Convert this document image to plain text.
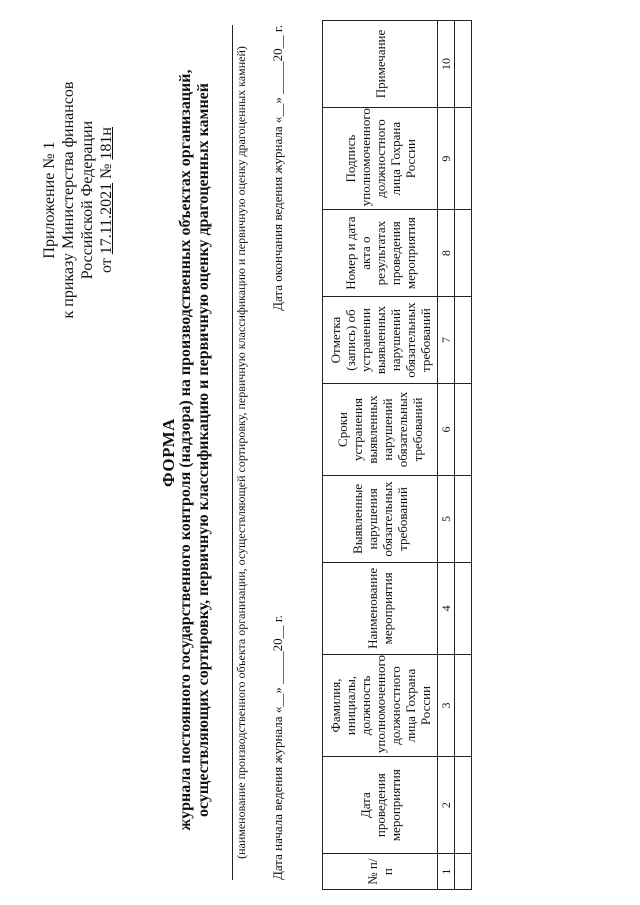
Приложение № 1 к приказу Министерства финансов Российской Федерации от 17.11.2021 № 181н
ФОРМА журнала постоянного государственного контроля (надзора) на производственных объектах организаций, осуществляющих сортировку, первичную классификацию и первичную оценку драгоценных камней (наименование производственного объекта организации, осуществляющей сортировку, первичную классификацию и первичную оценку драгоценных камней) Дата начала ведения журнала «__» _____20__ г.
Дата окончания ведения журнала «__» _____20__ г.
№ п/п	Дата проведения мероприятия	Фамилия, инициалы, должность уполномоченного должностного лица Гохрана России	Наименование мероприятия	Выявленные нарушения обязательных требований	Сроки устранения выявленных нарушений обязательных требований	Отметка (запись) об устранении выявленных нарушений обязательных требований	Номер и дата акта о результатах проведения мероприятия	Подпись уполномоченного должностного лица Гохрана России	Примечание
1	2	3	4	5	6	7	8	9	10
